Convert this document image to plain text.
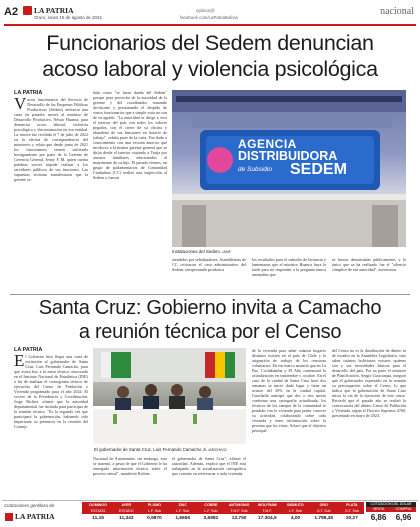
A2 LA PATRIA
Oruro, lunes 15 de agosto de 2022
opinion@
facebook.com/LaPatriaBolivia
nacional
Funcionarios del Sedem denuncian
acoso laboral y violencia psicológica
LA PATRIA
V arios funcionarios del Servicio de Desarrollo de las Empresas Públicas Productivas (Sedem) enviaron una carta en pasados meses al ministro de Desarrollo Productivo, Néstor Huanca, para denunciar acoso laboral, violencia psicológica y discriminación en esa entidad. La misiva fue recibida el 7 de julio de 2022 en la oficina de correspondencia del ministerio y relata que desde junio de 2021 los funcionarios vienen sufriendo hostigamiento por parte de la Gerente de Gerencia General, Jenny F. M. quien cuenta palabras soeces impide realizar a los servidores públicos de sus funciones. Las supuestas víctimas manifestaron que la gerente se-
ñala como "se fuera dueña del Sedem" porque para provecho de la autoridad de la gerente y del coordinador, tomando decisiones y presionando el despido de varios funcionarios que a simple vista no son de su agrado. "La autoridad se dirige a viva el interior del país con todos los valores pegados, con el cierre de su oficina y abandono de sus funciones en horario de trabajo", señala parte de la carta. Fue dado a conocimiento con una versión anterior que involucra a la misma gerente general que se dirija desde el interior viajando a Tarija por asuntos familiares relacionados al matrimonio de su hijo. El pasado viernes, un grupo de parlamentarios de Comunidad Ciudadana (CC) realizó una inspección al Sedem y fueron
AGENCIA
DISTRIBUIDORA
de Subsidio SEDEM
Instalaciones del Sedem. /ANF
atendidos por señalizadores. Asambleístas de CC criticaron el caso administrativo del Sedem, reexpresando productos
los resultados para el subsidio de lactancia y lamentaron que el ministro Huanca haya la tarde para no responder a la pregunta nunca anomalías que
se fueron denunciadas públicamente, y lo único que se ha realizado fue el "silencio cómplice de esa autoridad", aseveraron.
Santa Cruz: Gobierno invita a Camacho
a reunión técnica por el Censo
LA PATRIA
E l Gobierno hizo llegar una carta de invitación al gobernador de Santa Cruz, Luis Fernando Camacho, para que asista hoy a la mesa técnica convocada en el Instituto Nacional de Estadística (INE) a fin de analizar el cronograma técnico de ejecución del Censo de Población y Vivienda programado para el año 2024. El vocero de la Presidencia y Coordinación, Jorge Richter, afirmó que la autoridad departamental fue invitada para participar de la reunión técnica. "Es la segunda vez que participará la gobernación, habiendo sido importante su presencia en la reunión del Consejo
El gobernador de Santa Cruz, Luis Fernando Camacho Ji. /ARCHIVO
Nacional de Autonomías, sin embargo, esta se ausentó, a pesar de que el Gobierno le ha entregado información técnica sobre el proceso censal", manifestó Richter.
el gobernador de Santa Cruz", afirmó el autoridad. Además, explicó que el INE está trabajando en la actualización cartográfica que consiste en referenciar a cada vivienda.
de la vivienda para saber cuántos hogares distintos existen en el país de Chile y la asignación de trabajo de los censistas voluntarios. En ese marco anunció que en La Paz, Cochabamba y El Alto comenzará la actualización en septiembre y octubre. En el caso de la ciudad de Santa Cruz hace dos semanas se inició dado lugar y tiene un avance del 30% en la ciudad capital. Guachalla anticipó que dos o tres meses conforma una cartografía actualizada, los técnicos de los campos de la comunidad se pondrán con la vivienda para poder conocer su actividad, colaborando sobre cada vivienda y tener información sobre la persona que los visita. Aclaró que el objetivo principal
del Censo no es la distribución de dinero ni de escaños en la Asamblea Legislativa, sino saber cuántos bolivianos existen, quiénes son y sus necesidades básicas para el desarrollo del país. Por su parte el ministro de Planificación, Sergio Cusicanqui, aseguró que el gobernador expresado en la reunión su preocupación sobre el Censo, lo que indica que la gobernación de Santa Cruz inicia la vía de la ejecución de este censo. Recordó que el pasado año se realizó la convocatoria del último Censo de Población y Vivienda, según el Decreto Supremo 4760, presentado en mayo de 2024.
Cotizaciones gentileza de:
LA PATRIA
DOMINGO
ESTADO
11,15
AYER
ESTADO
11,343
PLOMO
L.F. Sub
0,9870
ZINC
L.F. Sub
1,6656
COBRE
L.F. Sub
3,6982
ANTIMONIO
T.M.F. Sub
13.750
WOLFRAM
T.M.F.
17.304,5
BISMUTO
L.F. Sub
4,00
ORO
O.T. Sub
1.798,45
PLATA
O.T. Sub
20,27
COTIZACIÓN DEL DÓLAR
VENTA	COMPRA
6,86	6,96
